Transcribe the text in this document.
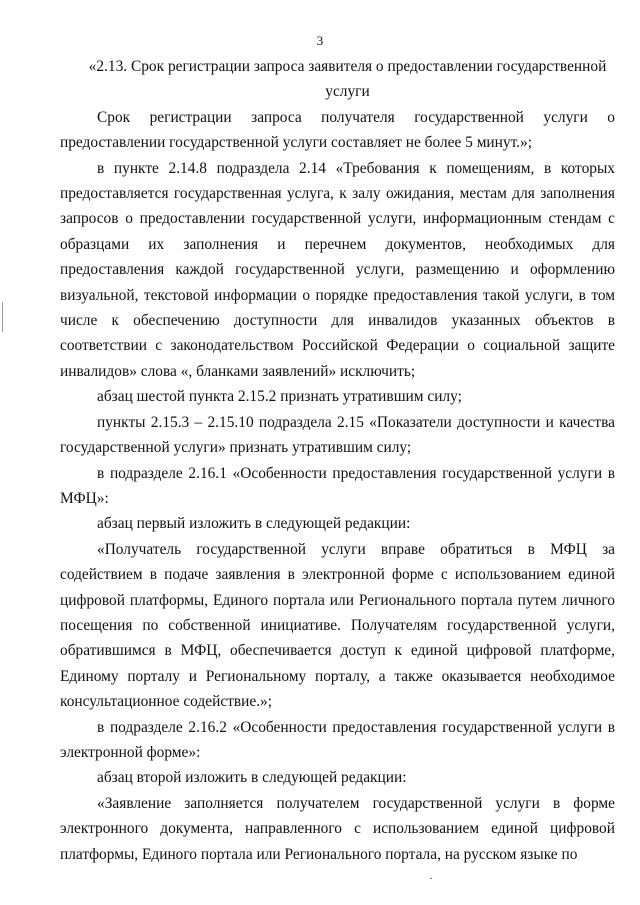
3

«2.13. Срок регистрации запроса заявителя о предоставлении государственной услуги

Срок регистрации запроса получателя государственной услуги о предоставлении государственной услуги составляет не более 5 минут.»;

в пункте 2.14.8 подраздела 2.14 «Требования к помещениям, в которых предоставляется государственная услуга, к залу ожидания, местам для заполнения запросов о предоставлении государственной услуги, информационным стендам с образцами их заполнения и перечнем документов, необходимых для предоставления каждой государственной услуги, размещению и оформлению визуальной, текстовой информации о порядке предоставления такой услуги, в том числе к обеспечению доступности для инвалидов указанных объектов в соответствии с законодательством Российской Федерации о социальной защите инвалидов» слова «, бланками заявлений» исключить;

абзац шестой пункта 2.15.2 признать утратившим силу;

пункты 2.15.3 – 2.15.10 подраздела 2.15 «Показатели доступности и качества государственной услуги» признать утратившим силу;

в подразделе 2.16.1 «Особенности предоставления государственной услуги в МФЦ»:

абзац первый изложить в следующей редакции:

«Получатель государственной услуги вправе обратиться в МФЦ за содействием в подаче заявления в электронной форме с использованием единой цифровой платформы, Единого портала или Регионального портала путем личного посещения по собственной инициативе. Получателям государственной услуги, обратившимся в МФЦ, обеспечивается доступ к единой цифровой платформе, Единому порталу и Региональному порталу, а также оказывается необходимое консультационное содействие.»;

в подразделе 2.16.2 «Особенности предоставления государственной услуги в электронной форме»:

абзац второй изложить в следующей редакции:

«Заявление заполняется получателем государственной услуги в форме электронного документа, направленного с использованием единой цифровой платформы, Единого портала или Регионального портала, на русском языке по
